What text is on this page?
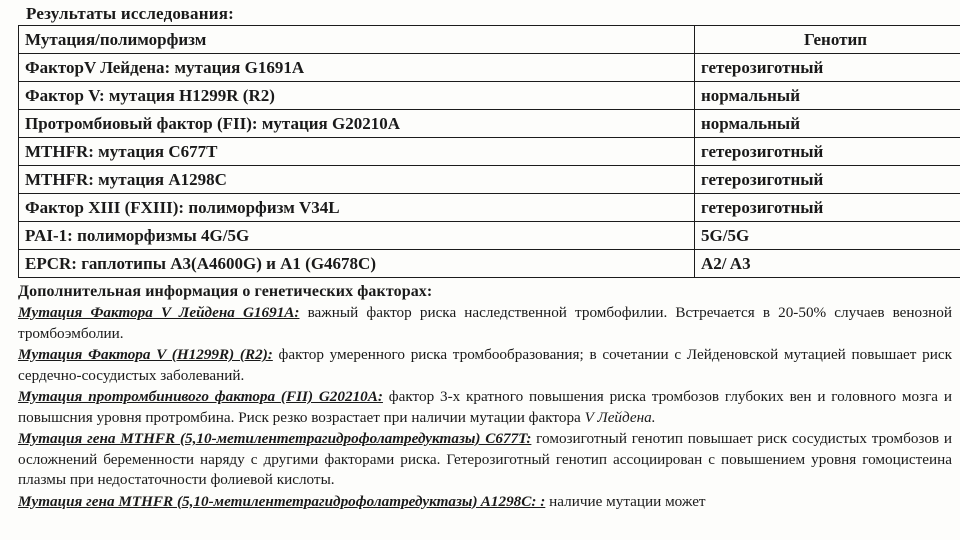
Результаты исследования:
Мутация/полиморфизм	Генотип
ФакторV Лейдена: мутация G1691A	гетерозиготный
Фактор V: мутация H1299R (R2)	нормальный
Протромбиовый фактор (FII): мутация G20210A	нормальный
MTHFR: мутация C677T	гетерозиготный
MTHFR: мутация A1298C	гетерозиготный
Фактор XIII (FXIII): полиморфизм V34L	гетерозиготный
PAI-1: полиморфизмы 4G/5G	5G/5G
EPCR: гаплотипы A3(A4600G) и A1 (G4678C)	A2/ A3
Дополнительная информация о генетических факторах:

Мутация Фактора V Лейдена G1691A: важный фактор риска наследственной тромбофилии. Встречается в 20-50% случаев венозной тромбоэмболии.

Мутация Фактора V (H1299R) (R2): фактор умеренного риска тромбообразования; в сочетании с Лейденовской мутацией повышает риск сердечно-сосудистых заболеваний.

Мутация протромбинивого фактора (FII) G20210A: фактор 3-х кратного повышения риска тромбозов глубоких вен и головного мозга и повышсния уровня протромбина. Риск резко возрастает при наличии мутации фактора V Лейдена.

Мутация гена MTHFR (5,10-метилентетрагидрофолатредуктазы) C677T: гомозиготный генотип повышает риск сосудистых тромбозов и осложнений беременности наряду с другими факторами риска. Гетерозиготный генотип ассоциирован с повышением уровня гомоцистеина плазмы при недостаточности фолиевой кислоты.

Мутация гена MTHFR (5,10-метилентетрагидрофолатредуктазы) A1298C: : наличие мутации может
